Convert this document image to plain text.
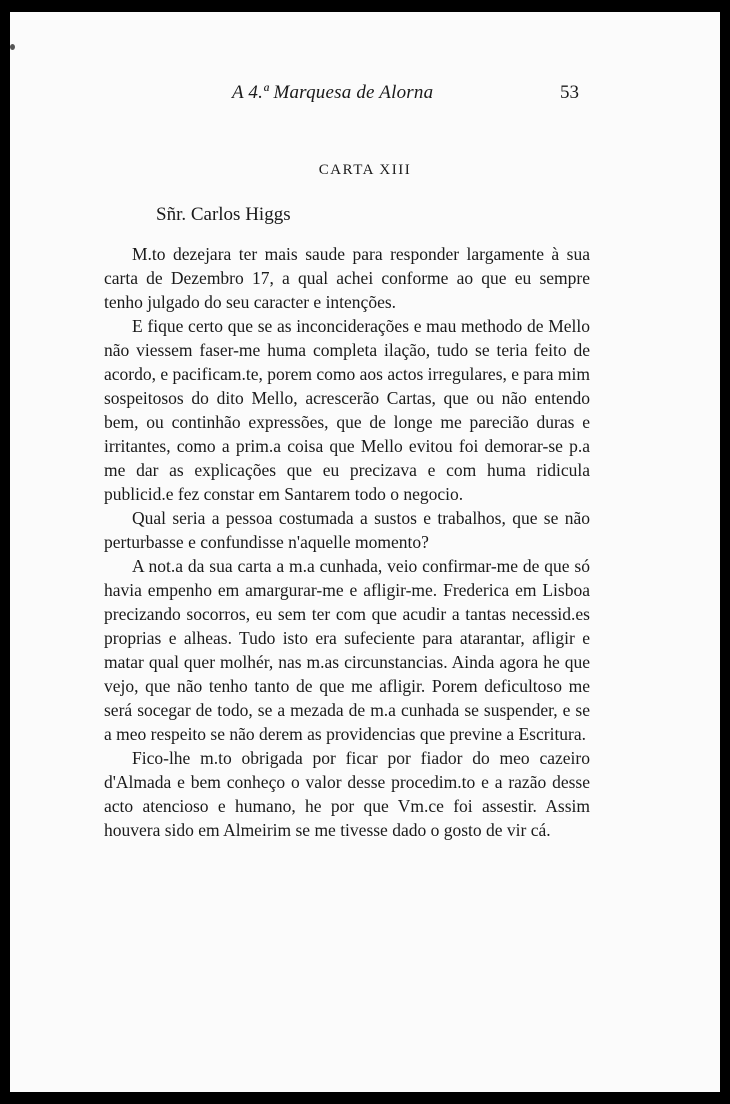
A 4.ª Marquesa de Alorna	53
CARTA XIII
Sñr. Carlos Higgs

M.to dezejara ter mais saude para responder largamente à sua carta de Dezembro 17, a qual achei conforme ao que eu sempre tenho julgado do seu caracter e intenções.

E fique certo que se as inconciderações e mau methodo de Mello não viessem faser-me huma completa ilação, tudo se teria feito de acordo, e pacificam.te, porem como aos actos irregulares, e para mim sospeitosos do dito Mello, acrescerão Cartas, que ou não entendo bem, ou continhão expressões, que de longe me parecião duras e irritantes, como a prim.a coisa que Mello evitou foi demorar-se p.a me dar as explicações que eu precizava e com huma ridicula publicid.e fez constar em Santarem todo o negocio.

Qual seria a pessoa costumada a sustos e trabalhos, que se não perturbasse e confundisse n'aquelle momento?

A not.a da sua carta a m.a cunhada, veio confirmar-me de que só havia empenho em amargurar-me e afligir-me. Frederica em Lisboa precizando socorros, eu sem ter com que acudir a tantas necessid.es proprias e alheas. Tudo isto era sufeciente para atarantar, afligir e matar qual quer molhér, nas m.as circunstancias. Ainda agora he que vejo, que não tenho tanto de que me afligir. Porem deficultoso me será socegar de todo, se a mezada de m.a cunhada se suspender, e se a meo respeito se não derem as providencias que previne a Escritura.

Fico-lhe m.to obrigada por ficar por fiador do meo cazeiro d'Almada e bem conheço o valor desse procedim.to e a razão desse acto atencioso e humano, he por que Vm.ce foi assestir. Assim houvera sido em Almeirim se me tivesse dado o gosto de vir cá.
